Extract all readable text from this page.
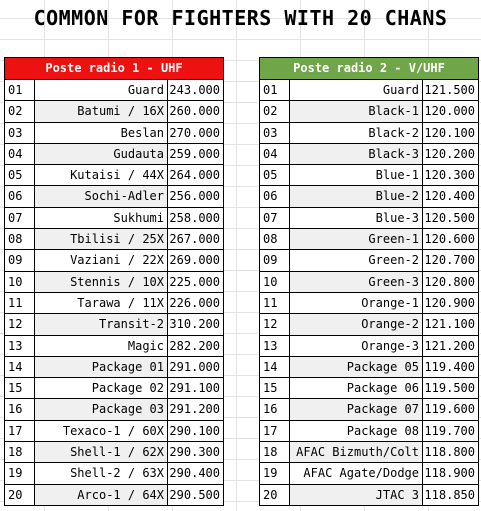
COMMON FOR FIGHTERS WITH 20 CHANS
Poste radio 1 - UHF
01	Guard 243.000
02	Batumi / 16X 260.000
03	Beslan 270.000
04	Gudauta 259.000
05	Kutaisi / 44X 264.000
06	Sochi-Adler 256.000
07	Sukhumi 258.000
08	Tbilisi / 25X 267.000
09	Vaziani / 22X 269.000
10	Stennis / 10X 225.000
11	Tarawa / 11X 226.000
12	Transit-2 310.200
13	Magic 282.200
14	Package 01 291.000
15	Package 02 291.100
16	Package 03 291.200
17	Texaco-1 / 60X 290.100
18	Shell-1 / 62X 290.300
19	Shell-2 / 63X 290.400
20	Arco-1 / 64X 290.500
Poste radio 2 - V/UHF
01	Guard 121.500
02	Black-1 120.000
03	Black-2 120.100
04	Black-3 120.200
05	Blue-1 120.300
06	Blue-2 120.400
07	Blue-3 120.500
08	Green-1 120.600
09	Green-2 120.700
10	Green-3 120.800
11	Orange-1 120.900
12	Orange-2 121.100
13	Orange-3 121.200
14	Package 05 119.400
15	Package 06 119.500
16	Package 07 119.600
17	Package 08 119.700
18	AFAC Bizmuth/Colt 118.800
19	AFAC Agate/Dodge 118.900
20	JTAC 3 118.850
